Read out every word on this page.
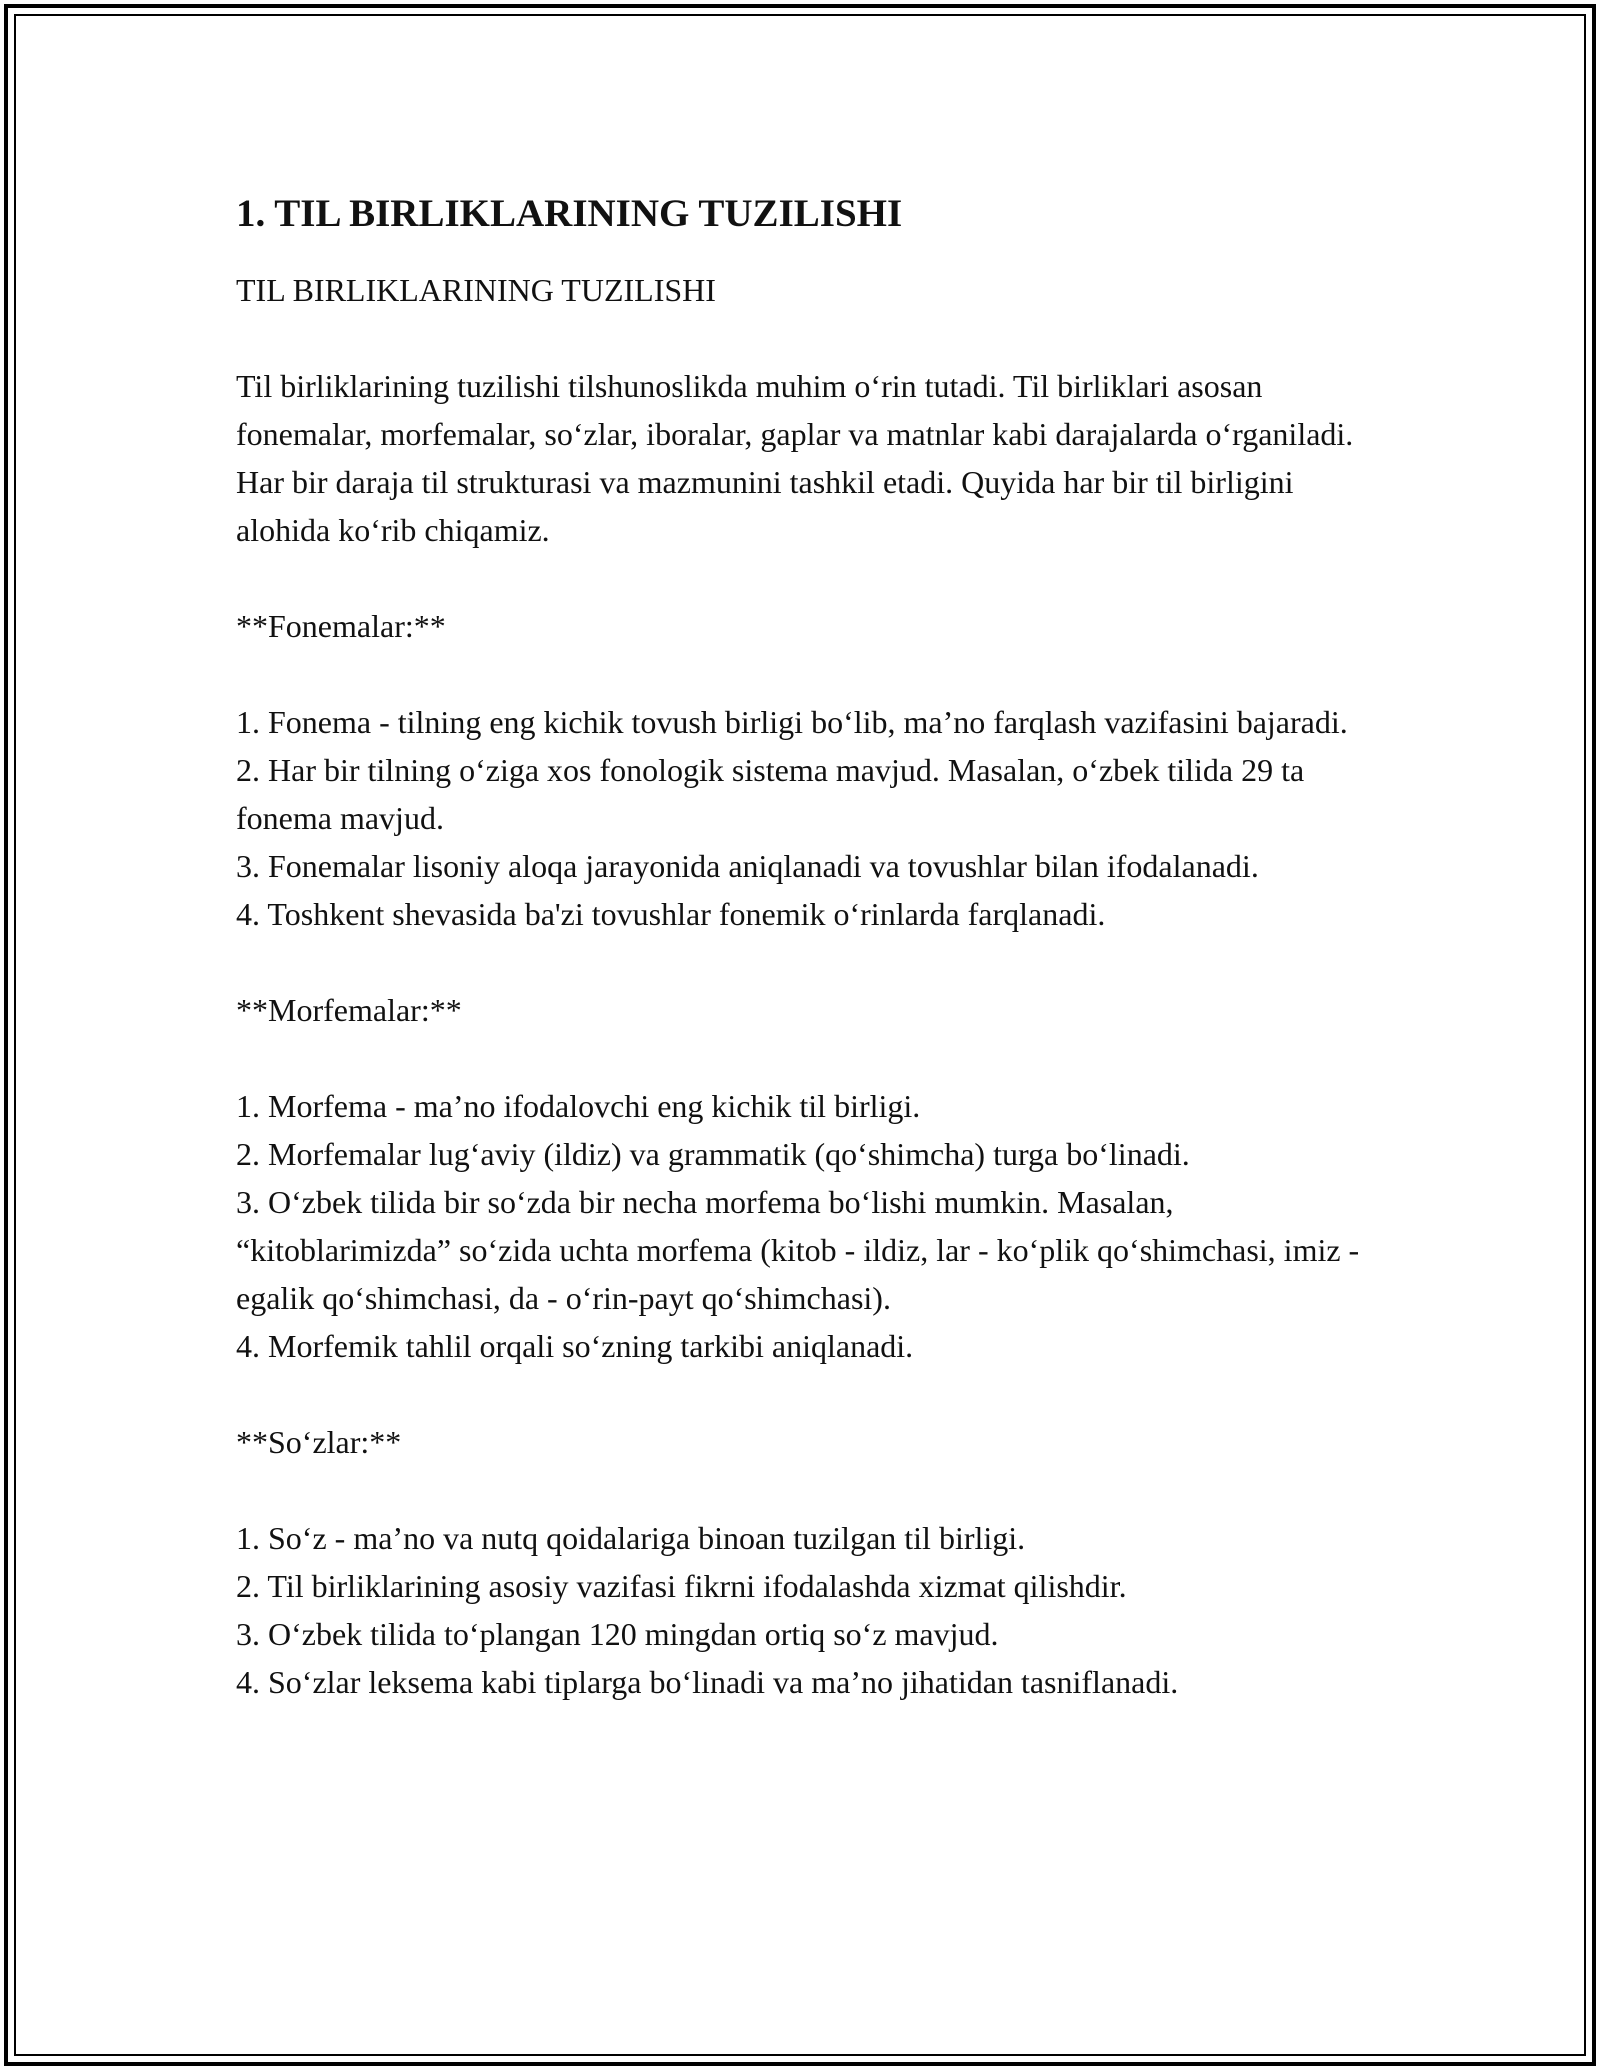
1. TIL BIRLIKLARINING TUZILISHI
TIL BIRLIKLARINING TUZILISHI

Til birliklarining tuzilishi tilshunoslikda muhim o‘rin tutadi. Til birliklari asosan fonemalar, morfemalar, so‘zlar, iboralar, gaplar va matnlar kabi darajalarda o‘rganiladi. Har bir daraja til strukturasi va mazmunini tashkil etadi. Quyida har bir til birligini alohida ko‘rib chiqamiz.

**Fonemalar:**
1. Fonema - tilning eng kichik tovush birligi bo‘lib, ma’no farqlash vazifasini bajaradi.
2. Har bir tilning o‘ziga xos fonologik sistema mavjud. Masalan, o‘zbek tilida 29 ta fonema mavjud.
3. Fonemalar lisoniy aloqa jarayonida aniqlanadi va tovushlar bilan ifodalanadi.
4. Toshkent shevasida ba'zi tovushlar fonemik o‘rinlarda farqlanadi.
**Morfemalar:**
1. Morfema - ma’no ifodalovchi eng kichik til birligi.
2. Morfemalar lug‘aviy (ildiz) va grammatik (qo‘shimcha) turga bo‘linadi.
3. O‘zbek tilida bir so‘zda bir necha morfema bo‘lishi mumkin. Masalan, “kitoblarimizda” so‘zida uchta morfema (kitob - ildiz, lar - ko‘plik qo‘shimchasi, imiz - egalik qo‘shimchasi, da - o‘rin-payt qo‘shimchasi).
4. Morfemik tahlil orqali so‘zning tarkibi aniqlanadi.
**So‘zlar:**
1. So‘z - ma’no va nutq qoidalariga binoan tuzilgan til birligi.
2. Til birliklarining asosiy vazifasi fikrni ifodalashda xizmat qilishdir.
3. O‘zbek tilida to‘plangan 120 mingdan ortiq so‘z mavjud.
4. So‘zlar leksema kabi tiplarga bo‘linadi va ma’no jihatidan tasniflanadi.
